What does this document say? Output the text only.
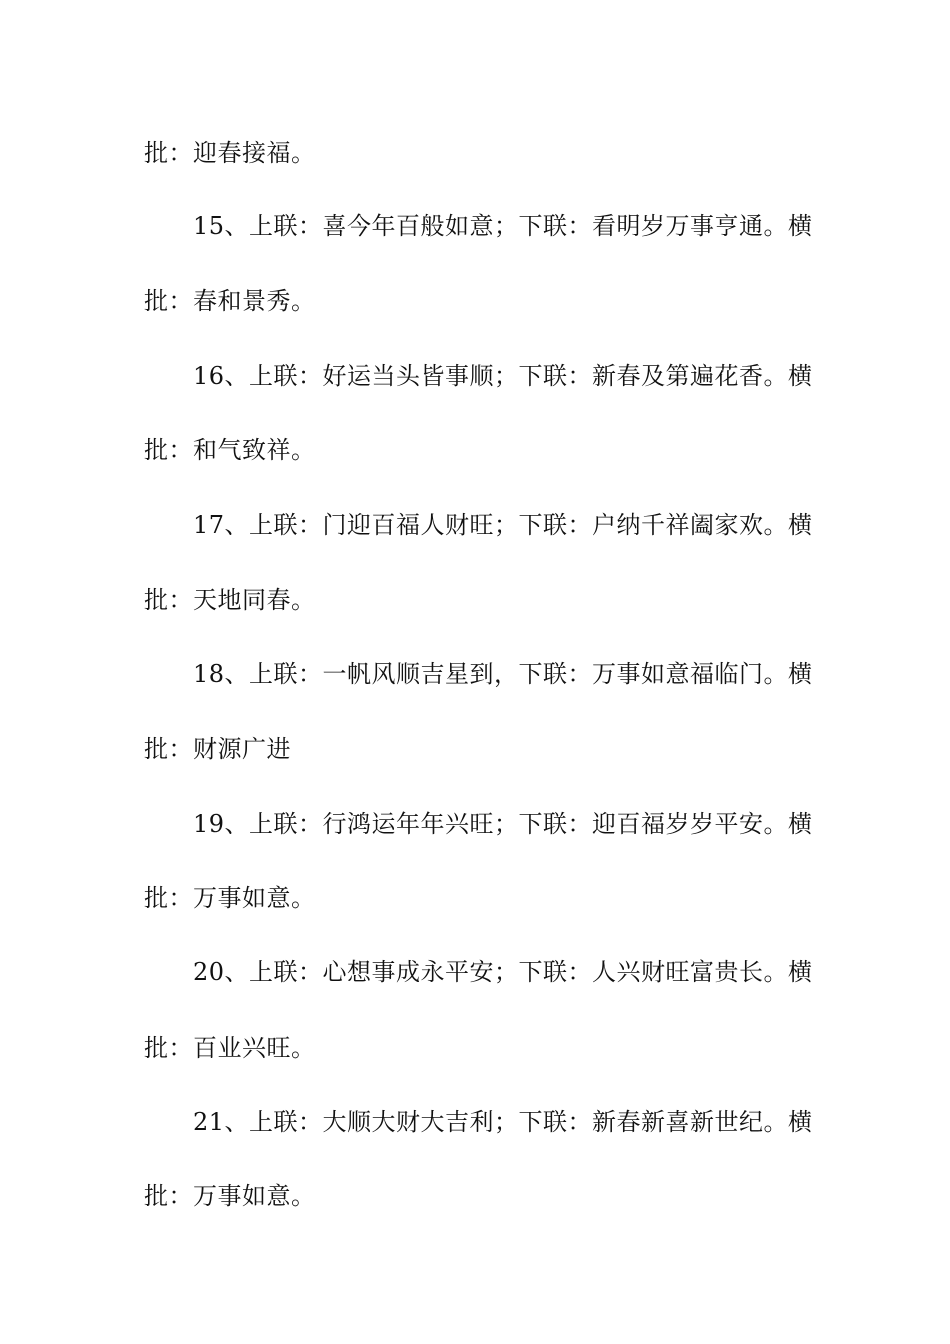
批：迎春接福。
15、上联：喜今年百般如意；下联：看明岁万事亨通。横
批：春和景秀。
16、上联：好运当头皆事顺；下联：新春及第遍花香。横
批：和气致祥。
17、上联：门迎百福人财旺；下联：户纳千祥阖家欢。横
批：天地同春。
18、上联：一帆风顺吉星到，下联：万事如意福临门。横
批：财源广进
19、上联：行鸿运年年兴旺；下联：迎百福岁岁平安。横
批：万事如意。
20、上联：心想事成永平安；下联：人兴财旺富贵长。横
批：百业兴旺。
21、上联：大顺大财大吉利；下联：新春新喜新世纪。横
批：万事如意。
